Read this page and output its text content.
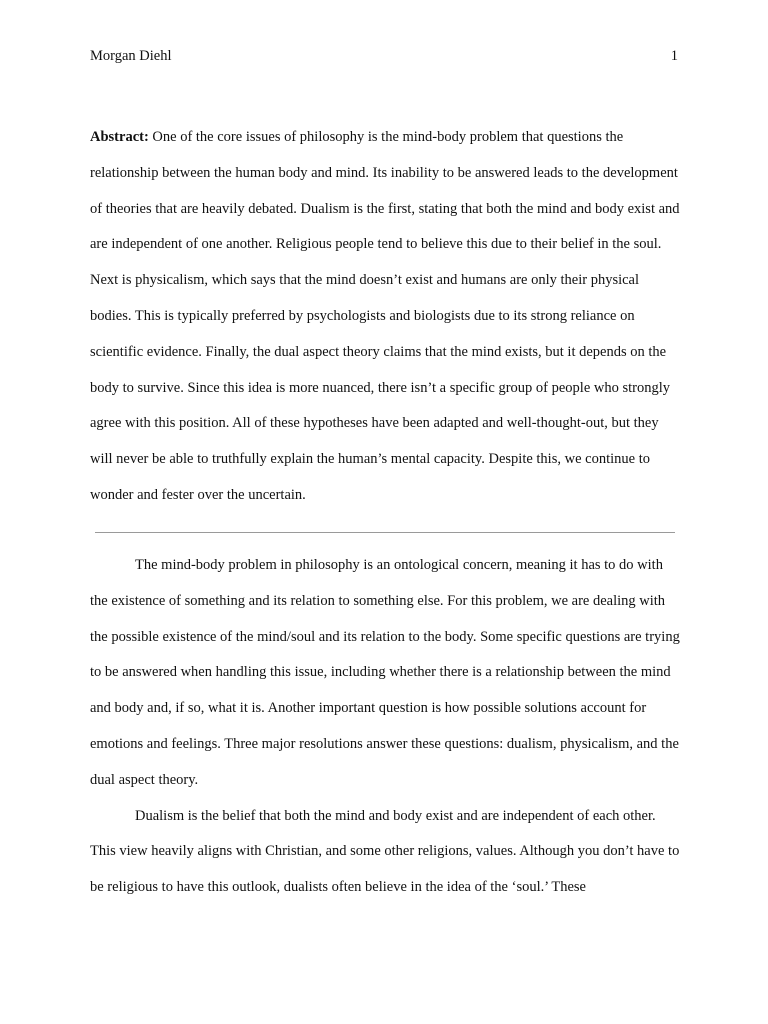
Morgan Diehl	1

Abstract: One of the core issues of philosophy is the mind-body problem that questions the relationship between the human body and mind. Its inability to be answered leads to the development of theories that are heavily debated. Dualism is the first, stating that both the mind and body exist and are independent of one another. Religious people tend to believe this due to their belief in the soul. Next is physicalism, which says that the mind doesn’t exist and humans are only their physical bodies. This is typically preferred by psychologists and biologists due to its strong reliance on scientific evidence. Finally, the dual aspect theory claims that the mind exists, but it depends on the body to survive. Since this idea is more nuanced, there isn’t a specific group of people who strongly agree with this position. All of these hypotheses have been adapted and well-thought-out, but they will never be able to truthfully explain the human’s mental capacity. Despite this, we continue to wonder and fester over the uncertain.

The mind-body problem in philosophy is an ontological concern, meaning it has to do with the existence of something and its relation to something else. For this problem, we are dealing with the possible existence of the mind/soul and its relation to the body. Some specific questions are trying to be answered when handling this issue, including whether there is a relationship between the mind and body and, if so, what it is. Another important question is how possible solutions account for emotions and feelings. Three major resolutions answer these questions: dualism, physicalism, and the dual aspect theory.

Dualism is the belief that both the mind and body exist and are independent of each other. This view heavily aligns with Christian, and some other religions, values. Although you don’t have to be religious to have this outlook, dualists often believe in the idea of the ‘soul.’ These
